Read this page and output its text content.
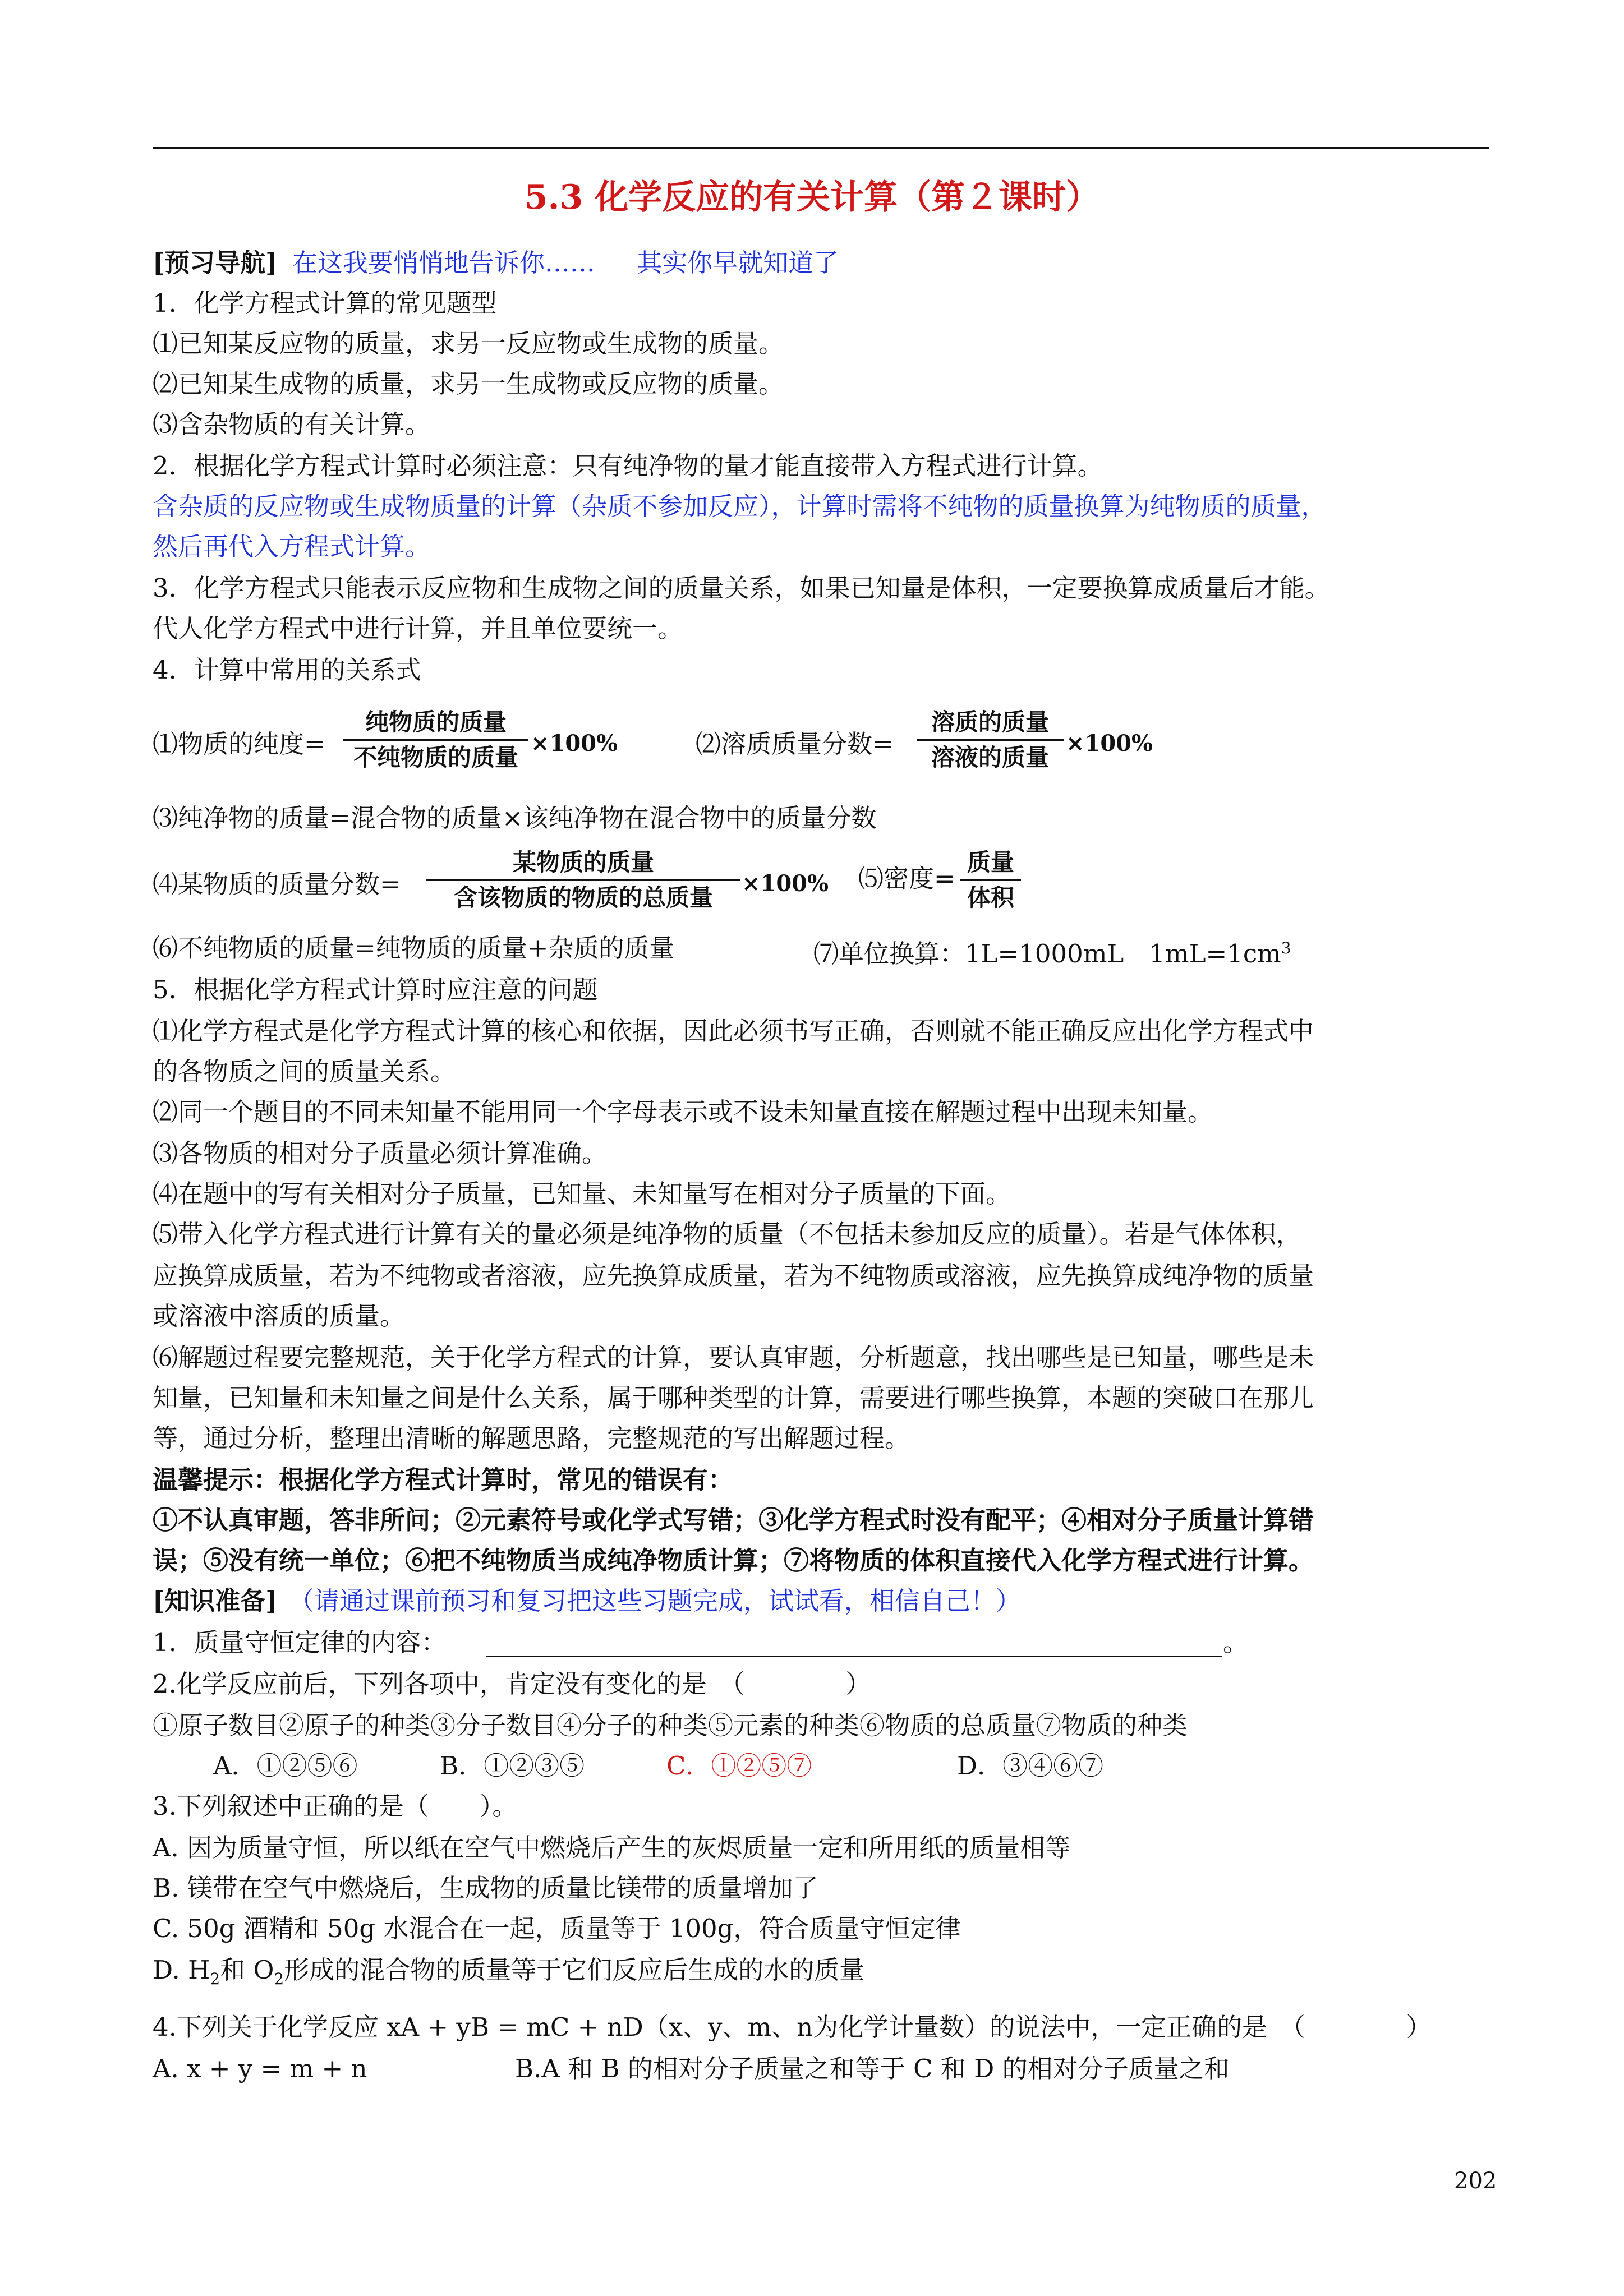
5.3 化学反应的有关计算（第２课时）
[预习导航] 在这我要悄悄地告诉你…… 其实你早就知道了
1．化学方程式计算的常见题型
⑴已知某反应物的质量，求另一反应物或生成物的质量。
⑵已知某生成物的质量，求另一生成物或反应物的质量。
⑶含杂物质的有关计算。
2．根据化学方程式计算时必须注意：只有纯净物的量才能直接带入方程式进行计算。
含杂质的反应物或生成物质量的计算（杂质不参加反应），计算时需将不纯物的质量换算为纯物质的质量，
然后再代入方程式计算。
3．化学方程式只能表示反应物和生成物之间的质量关系，如果已知量是体积，一定要换算成质量后才能。
代人化学方程式中进行计算，并且单位要统一。
4．计算中常用的关系式
⑴物质的纯度=
纯物质的质量
不纯物质的质量
×100%	⑵溶质质量分数=
溶质的质量
溶液的质量
×100%
⑶纯净物的质量=混合物的质量×该纯净物在混合物中的质量分数
⑷某物质的质量分数=
某物质的质量
含该物质的物质的总质量
×100% ⑸密度=
质量
体积
⑹不纯物质的质量=纯物质的质量+杂质的质量	⑺单位换算：1L=1000mL　$1mL=1cm^3$
5．根据化学方程式计算时应注意的问题
⑴化学方程式是化学方程式计算的核心和依据，因此必须书写正确，否则就不能正确反应出化学方程式中
的各物质之间的质量关系。
⑵同一个题目的不同未知量不能用同一个字母表示或不设未知量直接在解题过程中出现未知量。
⑶各物质的相对分子质量必须计算准确。
⑷在题中的写有关相对分子质量，已知量、未知量写在相对分子质量的下面。
⑸带入化学方程式进行计算有关的量必须是纯净物的质量（不包括未参加反应的质量）。若是气体体积，
应换算成质量，若为不纯物或者溶液，应先换算成质量，若为不纯物质或溶液，应先换算成纯净物的质量
或溶液中溶质的质量。
⑹解题过程要完整规范，关于化学方程式的计算，要认真审题，分析题意，找出哪些是已知量，哪些是未
知量，已知量和未知量之间是什么关系，属于哪种类型的计算，需要进行哪些换算，本题的突破口在那儿
等，通过分析，整理出清晰的解题思路，完整规范的写出解题过程。
温馨提示：根据化学方程式计算时，常见的错误有：
①不认真审题，答非所问；②元素符号或化学式写错；③化学方程式时没有配平；④相对分子质量计算错
误；⑤没有统一单位；⑥把不纯物质当成纯净物质计算；⑦将物质的体积直接代入化学方程式进行计算。
[知识准备] （请通过课前预习和复习把这些习题完成，试试看，相信自己！）
1．质量守恒定律的内容：	。
2.化学反应前后，下列各项中，肯定没有变化的是　（　　　　）
①原子数目②原子的种类③分子数目④分子的种类⑤元素的种类⑥物质的总质量⑦物质的种类
A．①②⑤⑥	B．①②③⑤	C．①②⑤⑦	D．③④⑥⑦
3.下列叙述中正确的是（　　）。
A. 因为质量守恒，所以纸在空气中燃烧后产生的灰烬质量一定和所用纸的质量相等
B. 镁带在空气中燃烧后，生成物的质量比镁带的质量增加了
C. 50g 酒精和 50g 水混合在一起，质量等于 100g，符合质量守恒定律
D. $H_2$和 $O_2$形成的混合物的质量等于它们反应后生成的水的质量
4.下列关于化学反应 xA + yB = mC + nD（x、y、m、n为化学计量数）的说法中，一定正确的是　（　　　　）
A. x + y = m + n	B.A 和 B 的相对分子质量之和等于 C 和 D 的相对分子质量之和
202
